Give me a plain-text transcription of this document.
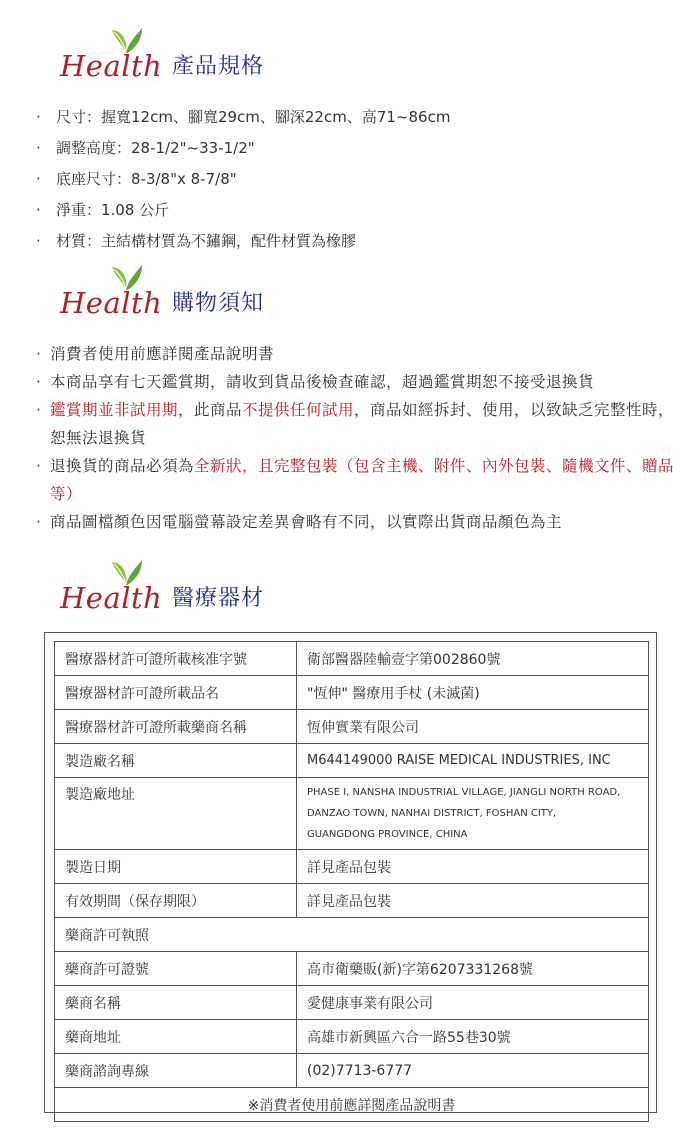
Health 產品規格
· 尺寸：握寬12cm、腳寬29cm、腳深22cm、高71~86cm
· 調整高度：28-1/2"~33-1/2"
· 底座尺寸：8-3/8"x 8-7/8"
· 淨重：1.08 公斤
· 材質：主結構材質為不鏽鋼，配件材質為橡膠
Health 購物須知
· 消費者使用前應詳閱產品說明書
· 本商品享有七天鑑賞期，請收到貨品後檢查確認，超過鑑賞期恕不接受退換貨
· 鑑賞期並非試用期，此商品不提供任何試用，商品如經拆封、使用，以致缺乏完整性時，恕無法退換貨
· 退換貨的商品必須為全新狀，且完整包裝（包含主機、附件、內外包裝、隨機文件、贈品等）
· 商品圖檔顏色因電腦螢幕設定差異會略有不同，以實際出貨商品顏色為主
Health 醫療器材
醫療器材許可證所載核准字號	衛部醫器陸輸壹字第002860號
醫療器材許可證所載品名	"恆伸" 醫療用手杖 (未滅菌)
醫療器材許可證所載藥商名稱	恆伸實業有限公司
製造廠名稱	M644149000 RAISE MEDICAL INDUSTRIES, INC
製造廠地址	PHASE I, NANSHA INDUSTRIAL VILLAGE, JIANGLI NORTH ROAD,
DANZAO TOWN, NANHAI DISTRICT, FOSHAN CITY,
GUANGDONG PROVINCE, CHINA

製造日期	詳見產品包裝
有效期間（保存期限）	詳見產品包裝
藥商許可執照	
藥商許可證號	高市衛藥販(新)字第6207331268號
藥商名稱	愛健康事業有限公司
藥商地址	高雄市新興區六合一路55巷30號
藥商諮詢專線	(02)7713-6777
※消費者使用前應詳閱產品說明書	
